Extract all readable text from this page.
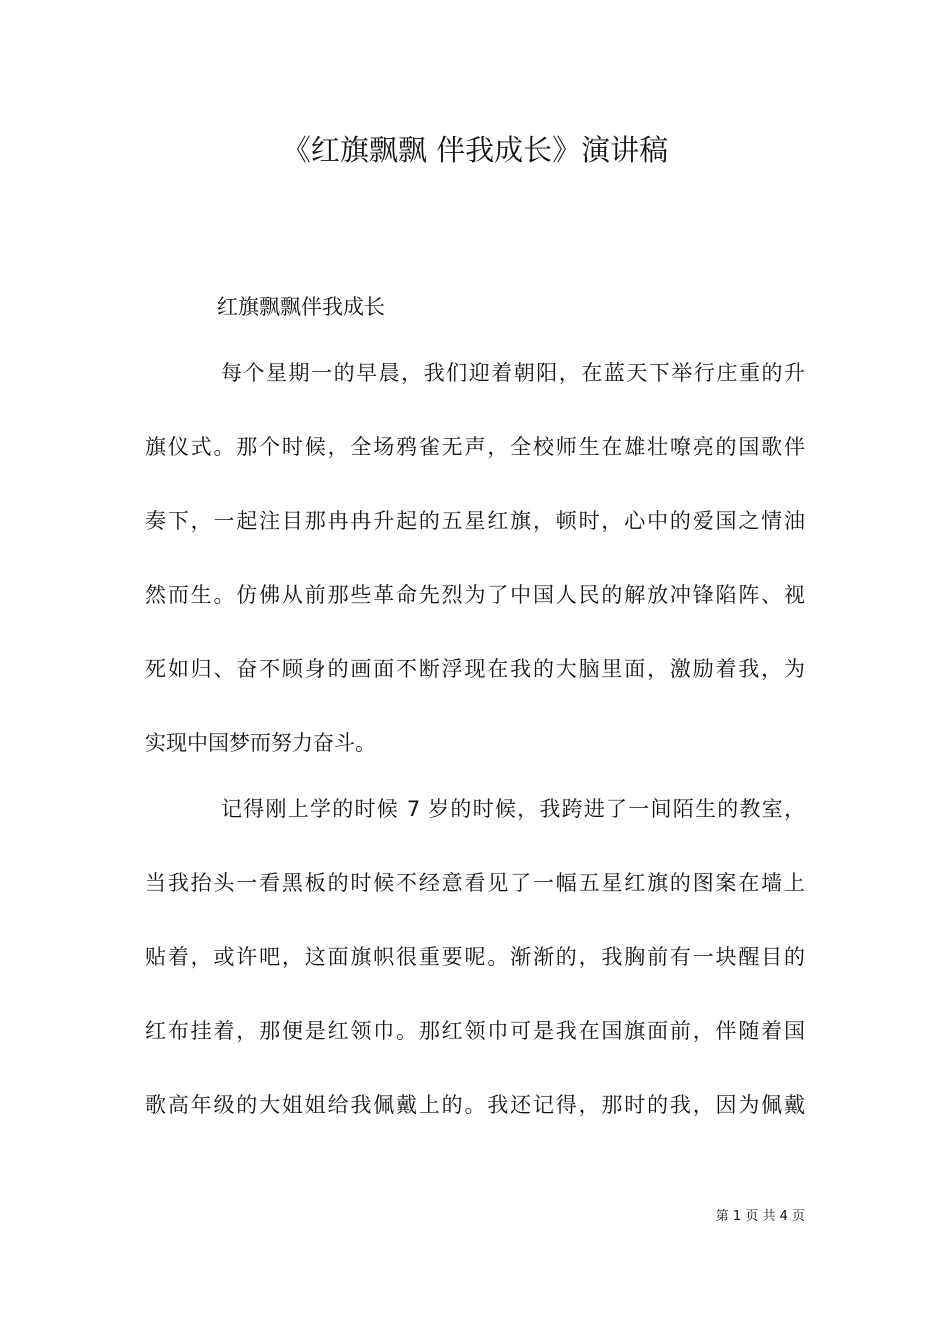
《红旗飘飘 伴我成长》演讲稿

红旗飘飘伴我成长

每个星期一的早晨，我们迎着朝阳，在蓝天下举行庄重的升

旗仪式。那个时候，全场鸦雀无声，全校师生在雄壮嘹亮的国歌伴

奏下，一起注目那冉冉升起的五星红旗，顿时，心中的爱国之情油

然而生。仿佛从前那些革命先烈为了中国人民的解放冲锋陷阵、视

死如归、奋不顾身的画面不断浮现在我的大脑里面，激励着我，为

实现中国梦而努力奋斗。

记得刚上学的时候 7 岁的时候，我跨进了一间陌生的教室，

当我抬头一看黑板的时候不经意看见了一幅五星红旗的图案在墙上

贴着，或许吧，这面旗帜很重要呢。渐渐的，我胸前有一块醒目的

红布挂着，那便是红领巾。那红领巾可是我在国旗面前，伴随着国

歌高年级的大姐姐给我佩戴上的。我还记得，那时的我，因为佩戴

第 1 页 共 4 页
